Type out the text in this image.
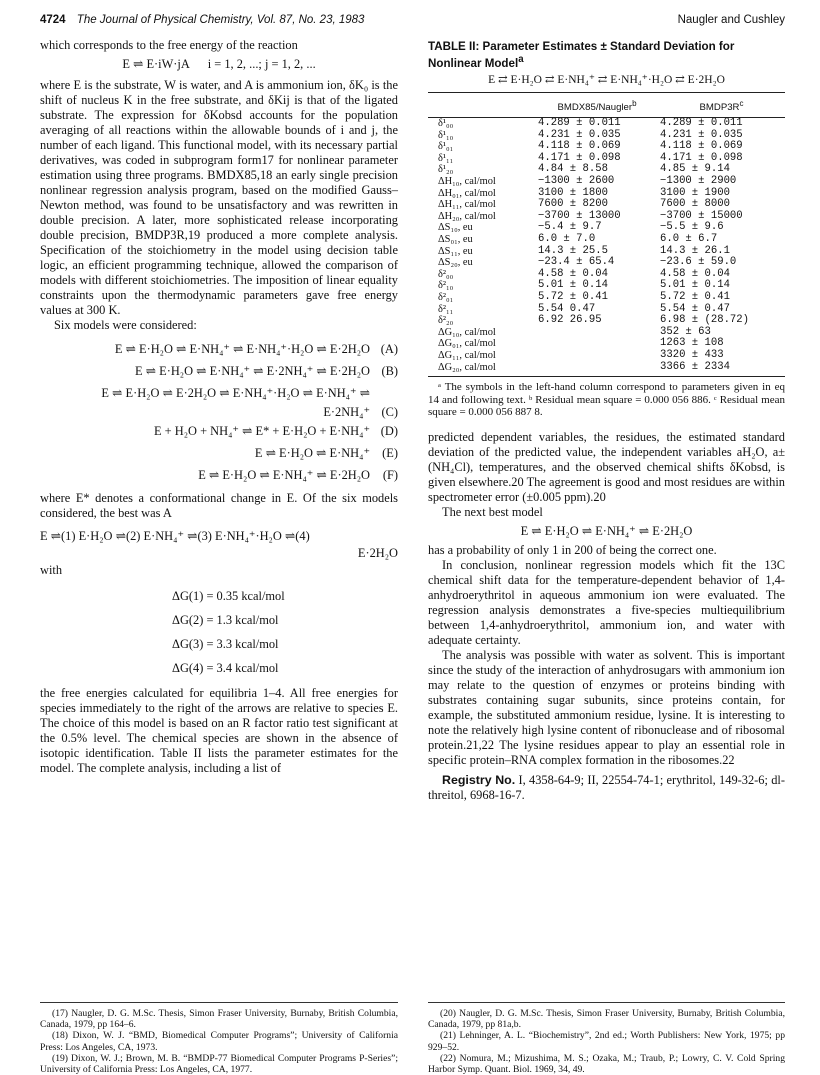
4724 The Journal of Physical Chemistry, Vol. 87, No. 23, 1983	Naugler and Cushley

which corresponds to the free energy of the reaction

E ⇌ E·iW·jA      i = 1, 2, ...; j = 1, 2, ...

where E is the substrate, W is water, and A is ammonium ion, δK₀ is the shift of nucleus K in the free substrate, and δKij is that of the ligated substrate. The expression for δKobsd accounts for the population averaging of all reactions within the allowable bounds of i and j, the number of each ligand. This functional model, with its necessary partial derivatives, was coded in subprogram form17 for nonlinear parameter estimation using three programs. BMDX85,18 an early single precision nonlinear regression analysis program, based on the modified Gauss–Newton method, was found to be unsatisfactory and was rewritten in double precision. A later, more sophisticated release incorporating double precision, BMDP3R,19 produced a more complete analysis. Specification of the stoichiometry in the model using decision table logic, an efficient programming technique, allowed the comparison of models with different stoichiometries. The imposition of linear equality constraints upon the thermodynamic parameters gave free energy values at 300 K.

Six models were considered:

E ⇌ E·H₂O ⇌ E·NH₄⁺ ⇌ E·NH₄⁺·H₂O ⇌ E·2H₂O (A)
E ⇌ E·H₂O ⇌ E·NH₄⁺ ⇌ E·2NH₄⁺ ⇌ E·2H₂O (B)
E ⇌ E·H₂O ⇌ E·2H₂O ⇌ E·NH₄⁺·H₂O ⇌ E·NH₄⁺ ⇌
E·2NH₄⁺ (C)
E + H₂O + NH₄⁺ ⇌ E* + E·H₂O + E·NH₄⁺ (D)
E ⇌ E·H₂O ⇌ E·NH₄⁺ (E)
E ⇌ E·H₂O ⇌ E·NH₄⁺ ⇌ E·2H₂O (F)

where E* denotes a conformational change in E. Of the six models considered, the best was A

E ⇌(1) E·H₂O ⇌(2) E·NH₄⁺ ⇌(3) E·NH₄⁺·H₂O ⇌(4)
E·2H₂O

with

ΔG(1) = 0.35 kcal/mol
ΔG(2) = 1.3 kcal/mol
ΔG(3) = 3.3 kcal/mol
ΔG(4) = 3.4 kcal/mol

the free energies calculated for equilibria 1–4. All free energies for species immediately to the right of the arrows are relative to species E. The choice of this model is based on an R factor ratio test significant at the 0.5% level. The chemical species are shown in the absence of isotopic identification. Table II lists the parameter estimates for the model. The complete analysis, including a list of

TABLE II: Parameter Estimates ± Standard Deviation for Nonlinear Model$^a$
E ⇄ E·H₂O ⇄ E·NH₄⁺ ⇄ E·NH₄⁺·H₂O ⇄ E·2H₂O
	BMDX85/Naugler$^b$	$BMDP3R^c$
δ¹₀₀	4.289 ± 0.011	4.289 ± 0.011
δ¹₁₀	4.231 ± 0.035	4.231 ± 0.035
δ¹₀₁	4.118 ± 0.069	4.118 ± 0.069
δ¹₁₁	4.171 ± 0.098	4.171 ± 0.098
δ¹₂₀	4.84 ± 8.58	4.85 ± 9.14
ΔH₁₀, cal/mol	−1300 ± 2600	−1300 ± 2900
ΔH₀₁, cal/mol	3100 ± 1800	3100 ± 1900
ΔH₁₁, cal/mol	7600 ± 8200	7600 ± 8000
ΔH₂₀, cal/mol	−3700 ± 13000	−3700 ± 15000
ΔS₁₀, eu	−5.4 ± 9.7	−5.5 ± 9.6
ΔS₀₁, eu	6.0 ± 7.0	6.0 ± 6.7
ΔS₁₁, eu	14.3 ± 25.5	14.3 ± 26.1
ΔS₂₀, eu	−23.4 ± 65.4	−23.6 ± 59.0
δ²₀₀	4.58 ± 0.04	4.58 ± 0.04
δ²₁₀	5.01 ± 0.14	5.01 ± 0.14
δ²₀₁	5.72 ± 0.41	5.72 ± 0.41
δ²₁₁	5.54 0.47	5.54 ± 0.47
δ²₂₀	6.92 26.95	6.98 ± (28.72)
ΔG₁₀, cal/mol		352 ± 63
ΔG₀₁, cal/mol		1263 ± 108
ΔG₁₁, cal/mol		3320 ± 433
ΔG₂₀, cal/mol		3366 ± 2334

ᵃ The symbols in the left-hand column correspond to parameters given in eq 14 and following text. ᵇ Residual mean square = 0.000 056 886. ᶜ Residual mean square = 0.000 056 887 8.

predicted dependent variables, the residues, the estimated standard deviation of the predicted value, the independent variables aH₂O, a±(NH₄Cl), temperatures, and the observed chemical shifts δKobsd, is given elsewhere.20 The agreement is good and most residues are within spectrometer error (±0.005 ppm).20

The next best model

E ⇌ E·H₂O ⇌ E·NH₄⁺ ⇌ E·2H₂O

has a probability of only 1 in 200 of being the correct one.

In conclusion, nonlinear regression models which fit the 13C chemical shift data for the temperature-dependent behavior of 1,4-anhydroerythritol in aqueous ammonium ion were evaluated. The regression analysis demonstrates a five-species multiequilibrium between 1,4-anhydroerythritol, ammonium ion, and water with adequate certainty.

The analysis was possible with water as solvent. This is important since the study of the interaction of anhydrosugars with ammonium ion may relate to the question of enzymes or proteins binding with substrates containing sugar subunits, since proteins contain, for example, the substituted ammonium residue, lysine. It is interesting to note the relatively high lysine content of ribonuclease and of ribosomal protein.21,22 The lysine residues appear to play an essential role in specific protein–RNA complex formation in the ribosomes.22

Registry No. I, 4358-64-9; II, 22554-74-1; erythritol, 149-32-6; dl-threitol, 6968-16-7.

(17) Naugler, D. G. M.Sc. Thesis, Simon Fraser University, Burnaby, British Columbia, Canada, 1979, pp 164–6.

(18) Dixon, W. J. “BMD, Biomedical Computer Programs”; University of California Press: Los Angeles, CA, 1973.

(19) Dixon, W. J.; Brown, M. B. “BMDP-77 Biomedical Computer Programs P-Series”; University of California Press: Los Angeles, CA, 1977.

(20) Naugler, D. G. M.Sc. Thesis, Simon Fraser University, Burnaby, British Columbia, Canada, 1979, pp 81a,b.

(21) Lehninger, A. L. “Biochemistry”, 2nd ed.; Worth Publishers: New York, 1975; pp 929–52.

(22) Nomura, M.; Mizushima, M. S.; Ozaka, M.; Traub, P.; Lowry, C. V. Cold Spring Harbor Symp. Quant. Biol. 1969, 34, 49.
